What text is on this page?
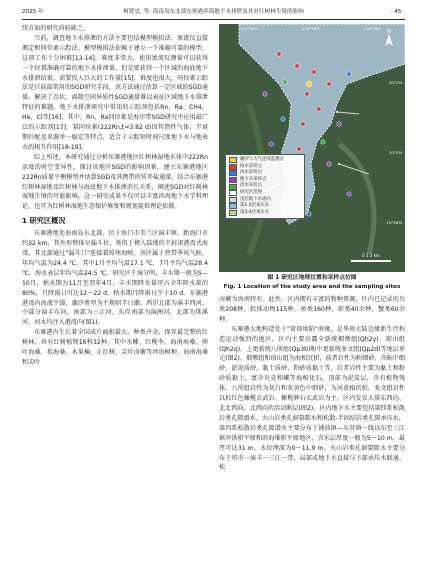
2025 年	柯贤忠, 等: 海南岛东北部东寨港滨海地下水排泄及其对红树林生境的影响	· 45 ·

续方面的研究尚较缺乏。

当前，调查地下水排泄的方法主要包括模型模拟法、渗流仪直接测定和同位素示踪法。模型模拟法依赖于建立一个准确可靠的模型，这项工作十分困难[13-14]，难度非常大。使用渗流仪测量可以获得一个位置准确可靠的地下水排泄量，但是要获得一个区域的海底地下水排泄结果，需要投入巨大的工作量[15]，难度也很大。同位素示踪法是目前最常用的SGD研究手段，该方法通过估算一定区域的SGD通量，解决了点状、离散空间异质性SGD通量难以表征区域地下水排泄特征的难题。地下水排泄研究中常用的示踪剂包括Rn、Ra、CH4、He、Cl等[16]，其中，Rn、Ra同位素是海岸带SGD研究中应用最广泛的示踪剂[17]。氡同位素(222Rn,t=3.82 d)因其惰性气体、半衰期匹配及来源单一稳定等特点，适合于示踪短时间尺度地下水与地表水的相互作用[18-19]。

综上所述，本研究通过分析东寨港地区红树林湿地水体中222Rn活度的时空变异性，探讨该地区SGD的影响因素，建立东寨港地区222Rn质量平衡模型并估算SGD及其携带的营养盐通量，结合东寨港红树林湿地及红树林与海底地下水排泄消长关系，阐述SGD对红树林湿地生境的可能影响。这一研究成果不仅可以丰富滨海地下水学科理论，也可为红树林湿地生态保护修复和规划提供理论依据。

1 研究区概况

东寨港地处海南岛东北部，位于海口市美兰区演丰镇，距海口市约32 km，其外形整体呈漏斗状，类似于楔入陆地的半封闭港湾式海湾，其北部通过"漏斗口"连接着琼州海峡。该区属于热带季风气候，年均气温为24.4 ℃，其中1月平均气温17.1 ℃，7月平均气温28.4 ℃，海水表层年均气温24.5 ℃。研究区干湿分明，丰水期一般为5—10月，枯水期为11月至翌年4月，丰水期降水量可占全年降水量的80%，月降雨日可达12～22 d，枯水期月降雨日少于10 d。东寨港港湾内海流平缓，潮汐类型为不规则半日潮。西岸北部为演丰西河，中部分演丰东河，南部为三江河，东岸南部为演洲河，北部为珠溪河，河水均注入港湾内(图1)。

东寨港内生长着全国成片面积最大、种类齐全、保存最完整的红树林，共有红树植物16科32种，其中水椰、红榄李、海南海桑、卵叶海桑、拟海桑、木果楝、正红树、尖叶卤蕨等珍贵树种，海南海桑和尖叶

N
0 1 2 km
110°34'E	110°36'E	110°38'E
20°2'N
20°0'N
19°58'N
潮汐与大气连续监测点
海水采样点
河水采样点
地下水采样点
淡水采样点
研究区范围
浅层地下水流向
第1-2层承压水
第3-4层承压水
图 1 研究区地理位置和采样点位图
Fig. 1 Location of the study area and the sampling sites

卤蕨为海南特有。此外，区内拥有丰富的物种资源，区内已记录的鸟类208种，软体动物115种，鱼类160种，虾类40余种，蟹类60余种。

东寨港大地构造处于"雷琼坳陷"南缘，是华南大陆边缘新生代构造运动强烈的地区。区内主要出露全新统烟墩组(Qh2y)、琼山组(Qh2q)，上更新统八所组(Qp3b)和中更新统多文组(Qp2d)等地层单元(图2)。烟墩组和琼山组为海相沉积，前者岩性为粉细砂、含砾中细砂、淤泥质砂、黏土质砂、粉砂质黏土等，后者岩性主要为黏土和粉砂质黏土，富含贝壳和螺等海相化石，顶部为泥炭层，含有植物残体。八所组岩性为灰白和灰黄色中细砂，为河流相沉积。多文组岩性以棕红色橄榄玄武岩、橄榄辉石玄武岩为主。区内发育大量东西向、北北西向、北西向的活动断层(图2)。区内地下水主要包括第四系松散岩类孔隙潜水、火山岩类孔洞裂隙水和松散-半固结岩类孔隙承压水，第四系松散岩类孔隙潜水主要分布于铺前镇—东营镇一线以东至三江镇冲洪积平原和滨海堆积平原地区，含水层厚度一般为5～10 m，最厚可达31 m，水位埋深为0～11.9 m。火山岩类孔洞裂隙水主要分布于塔市一演丰一三江一带，局部成地下水直接与下部承压水联通。松
